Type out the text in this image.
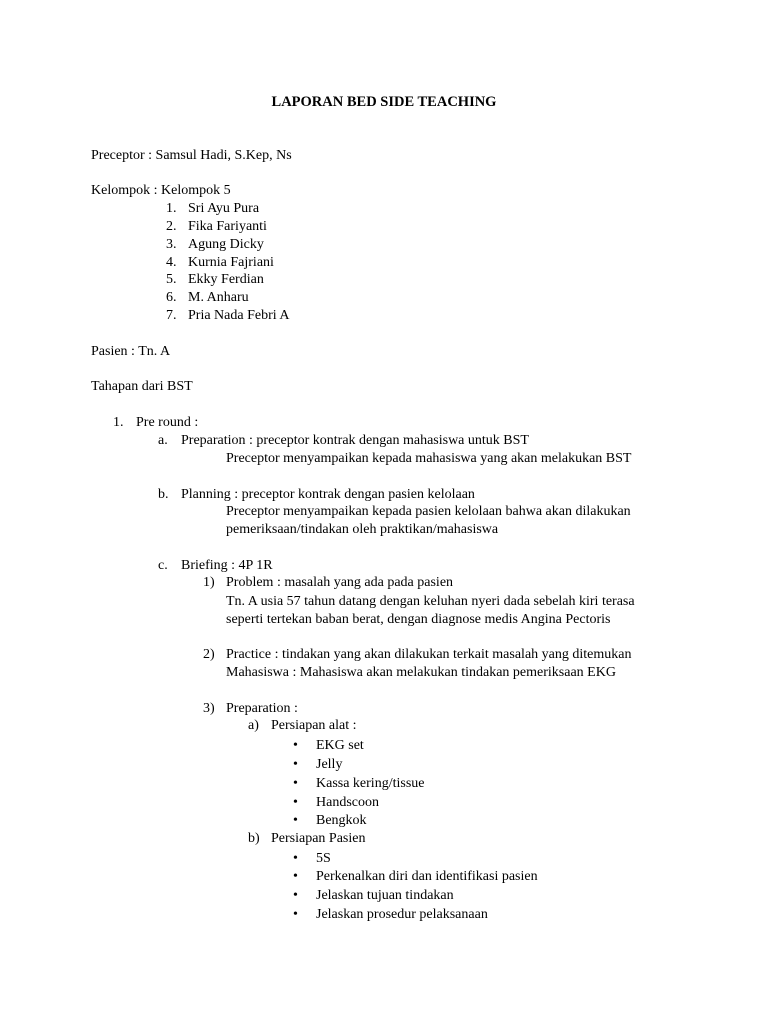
LAPORAN BED SIDE TEACHING
Preceptor : Samsul Hadi, S.Kep, Ns
Kelompok : Kelompok 5
1. Sri Ayu Pura
2. Fika Fariyanti
3. Agung Dicky
4. Kurnia Fajriani
5. Ekky Ferdian
6. M. Anharu
7. Pria Nada Febri A
Pasien : Tn. A
Tahapan dari BST
1. Pre round :
a. Preparation : preceptor kontrak dengan mahasiswa untuk BST
Preceptor menyampaikan kepada mahasiswa yang akan melakukan BST
b. Planning : preceptor kontrak dengan pasien kelolaan
Preceptor menyampaikan kepada pasien kelolaan bahwa akan dilakukan
pemeriksaan/tindakan oleh praktikan/mahasiswa
c. Briefing : 4P 1R
1) Problem : masalah yang ada pada pasien
Tn. A usia 57 tahun datang dengan keluhan nyeri dada sebelah kiri terasa
seperti tertekan baban berat, dengan diagnose medis Angina Pectoris
2) Practice : tindakan yang akan dilakukan terkait masalah yang ditemukan
Mahasiswa : Mahasiswa akan melakukan tindakan pemeriksaan EKG
3) Preparation :
a) Persiapan alat :
• EKG set
• Jelly
• Kassa kering/tissue
• Handscoon
• Bengkok
b) Persiapan Pasien
• 5S
• Perkenalkan diri dan identifikasi pasien
• Jelaskan tujuan tindakan
• Jelaskan prosedur pelaksanaan
